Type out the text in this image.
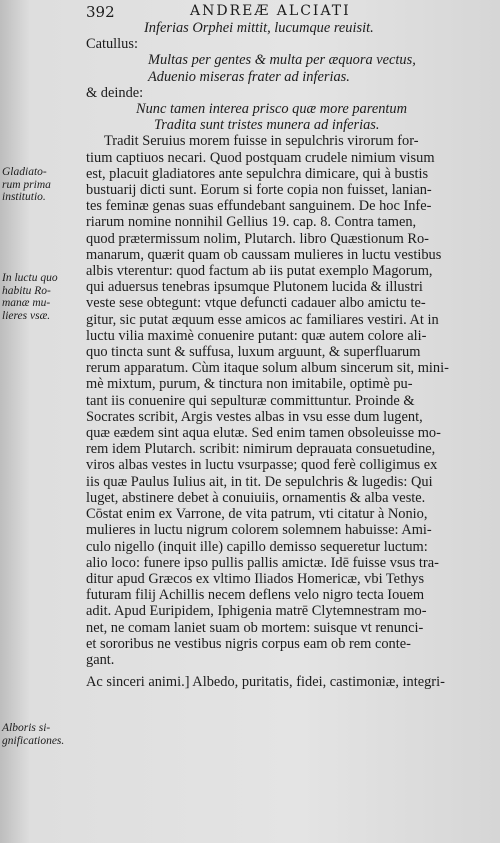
392	ANDREÆ ALCIATI
Gladiato-
rum prima
institutio.
In luctu quo
habitu Ro-
manæ mu-
lieres vsæ.
Alboris si-
gnificationes.
Inferias Orphei mittit, lucumque reuisit.
Catullus:
Multas per gentes & multa per æquora vectus,
Aduenio miseras frater ad inferias.
& deinde:
Nunc tamen interea prisco quæ more parentum
Tradita sunt tristes munera ad inferias.
Tradit Seruius morem fuisse in sepulchris virorum for-
tium captiuos necari. Quod postquam crudele nimium visum
est, placuit gladiatores ante sepulchra dimicare, qui à bustis
bustuarij dicti sunt. Eorum si forte copia non fuisset, lanian-
tes feminæ genas suas effundebant sanguinem. De hoc Infe-
riarum nomine nonnihil Gellius 19. cap. 8. Contra tamen,
quod prætermissum nolim, Plutarch. libro Quæstionum Ro-
manarum, quærit quam ob caussam mulieres in luctu vestibus
albis vterentur: quod factum ab iis putat exemplo Magorum,
qui aduersus tenebras ipsumque Plutonem lucida & illustri
veste sese obtegunt: vtque defuncti cadauer albo amictu te-
gitur, sic putat æquum esse amicos ac familiares vestiri. At in
luctu vilia maximè conuenire putant: quæ autem colore ali-
quo tincta sunt & suffusa, luxum arguunt, & superfluarum
rerum apparatum. Cùm itaque solum album sincerum sit, mini-
mè mixtum, purum, & tinctura non imitabile, optimè pu-
tant iis conuenire qui sepulturæ committuntur. Proinde &
Socrates scribit, Argis vestes albas in vsu esse dum lugent,
quæ eædem sint aqua elutæ. Sed enim tamen obsoleuisse mo-
rem idem Plutarch. scribit: nimirum deprauata consuetudine,
viros albas vestes in luctu vsurpasse; quod ferè colligimus ex
iis quæ Paulus Iulius ait, in tit. De sepulchris & lugedis: Qui
luget, abstinere debet à conuiuiis, ornamentis & alba veste.
Cōstat enim ex Varrone, de vita patrum, vti citatur à Nonio,
mulieres in luctu nigrum colorem solemnem habuisse: Ami-
culo nigello (inquit ille) capillo demisso sequeretur luctum:
alio loco: funere ipso pullis pallis amictæ. Idē fuisse vsus tra-
ditur apud Græcos ex vltimo Iliados Homericæ, vbi Tethys
futuram filij Achillis necem deflens velo nigro tecta Iouem
adit. Apud Euripidem, Iphigenia matrē Clytemnestram mo-
net, ne comam laniet suam ob mortem: suisque vt renunci-
et sororibus ne vestibus nigris corpus eam ob rem conte-
gant.
Ac sinceri animi.] Albedo, puritatis, fidei, castimoniæ, integri-
